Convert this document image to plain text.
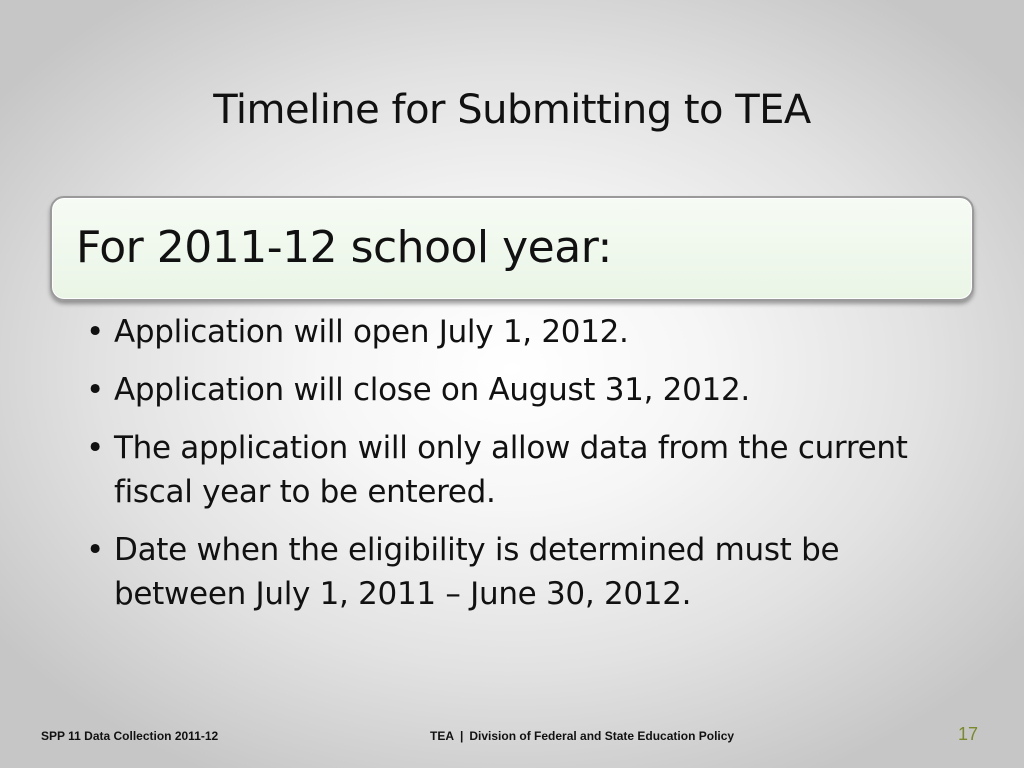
Timeline for Submitting to TEA
For 2011-12 school year:
• Application will open July 1, 2012.
• Application will close on August 31, 2012.
• The application will only allow data from the current fiscal year to be entered.
• Date when the eligibility is determined must be between July 1, 2011 – June 30, 2012.
SPP 11 Data Collection 2011-12	TEA | Division of Federal and State Education Policy	17
